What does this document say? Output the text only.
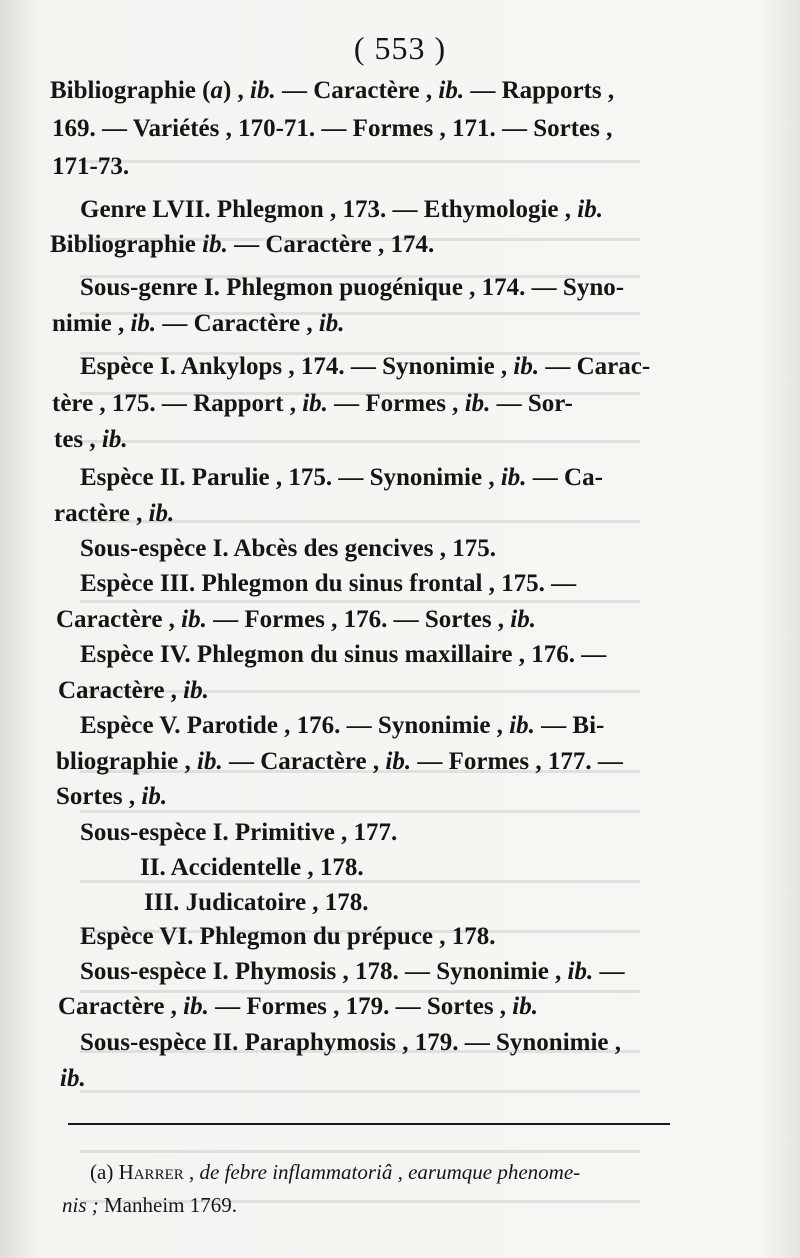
( 553 )
Bibliographie (a) , ib. — Caractère , ib. — Rapports ,
169. — Variétés , 170-71. — Formes , 171. — Sortes ,
171-73.
Genre LVII. Phlegmon , 173. — Ethymologie , ib.
Bibliographie ib. — Caractère , 174.
Sous-genre I. Phlegmon puogénique , 174. — Syno-
nimie , ib. — Caractère , ib.
Espèce I. Ankylops , 174. — Synonimie , ib. — Carac-
tère , 175. — Rapport , ib. — Formes , ib. — Sor-
tes , ib.
Espèce II. Parulie , 175. — Synonimie , ib. — Ca-
ractère , ib.
Sous-espèce I. Abcès des gencives , 175.
Espèce III. Phlegmon du sinus frontal , 175. —
Caractère , ib. — Formes , 176. — Sortes , ib.
Espèce IV. Phlegmon du sinus maxillaire , 176. —
Caractère , ib.
Espèce V. Parotide , 176. — Synonimie , ib. — Bi-
bliographie , ib. — Caractère , ib. — Formes , 177. —
Sortes , ib.
Sous-espèce I. Primitive , 177.
II. Accidentelle , 178.
III. Judicatoire , 178.
Espèce VI. Phlegmon du prépuce , 178.
Sous-espèce I. Phymosis , 178. — Synonimie , ib. —
Caractère , ib. — Formes , 179. — Sortes , ib.
Sous-espèce II. Paraphymosis , 179. — Synonimie ,
ib.
(a) Harrer , de febre inflammatoriâ , earumque phenome-
nis ; Manheim 1769.
